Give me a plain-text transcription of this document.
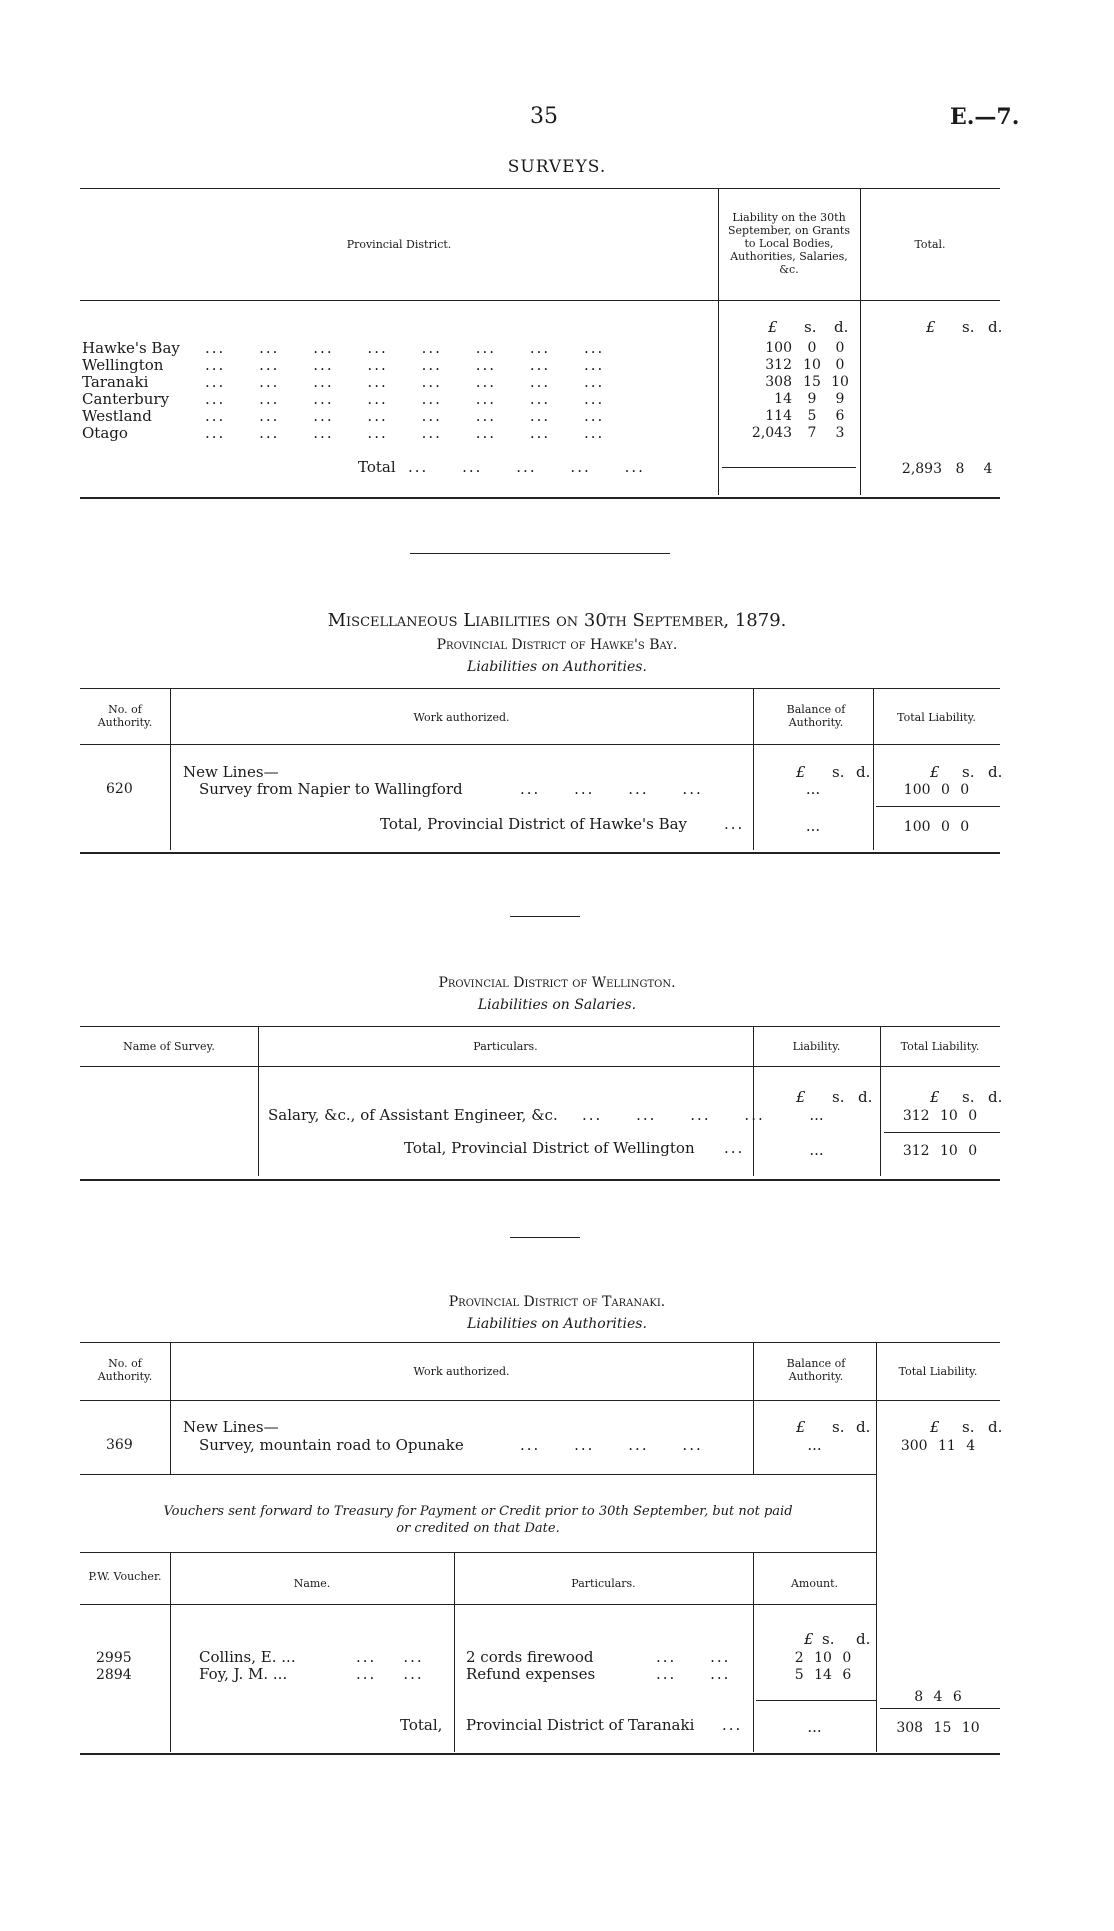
35	E.—7.
SURVEYS.
Provincial District.
Liability on the 30th September, on Grants to Local Bodies, Authorities, Salaries, &c.
Total.
£ s. d.	£ s. d.
Hawke's Bay ...     ...     ...     ...     ...     ...     ...     ...	100	0	0
Wellington	...     ...     ...     ...     ...     ...     ...     ...	312 10	0
Taranaki	...     ...     ...     ...     ...     ...     ...     ...	308 15 10
Canterbury ...     ...     ...     ...     ...     ...     ...     ...	14	9	9
Westland	...     ...     ...     ...     ...     ...     ...     ...	114	5	6
Otago	...     ...     ...     ...     ...     ...     ...     ...	2,043	7	3
Total ...     ...     ...     ...     ...	2,893 8	4
Miscellaneous Liabilities on 30th September, 1879.
Provincial District of Hawke's Bay.
Liabilities on Authorities.
No. of Authority.	Work authorized.
Balance of Authority.	Total Liability.
£ s. d.	£ s. d.
New Lines—
620	Survey from Napier to Wallingford	...     ...     ...     ...	...	100 0 0
Total, Provincial District of Hawke's Bay ...	...	100 0 0
Provincial District of Wellington.
Liabilities on Salaries.
Name of Survey.	Particulars.	Liability.	Total Liability.
£ s. d.	£ s. d.
Salary, &c., of Assistant Engineer, &c. ...     ...     ...     ...	...	312 10 0
Total, Provincial District of Wellington ...	...	312 10 0
Provincial District of Taranaki.
Liabilities on Authorities.
No. of Authority.	Work authorized.
Balance of Authority.	Total Liability.
£ s. d.	£ s. d.
New Lines—
369	Survey, mountain road to Opunake	...     ...     ...     ...	...	300 11 4
Vouchers sent forward to Treasury for Payment or Credit prior to 30th September, but not paid
or credited on that Date.
P.W. Voucher.
Name.	Particulars.	Amount.
£ s. d.
2995	Collins, E. ...	...    ...	2 cords firewood	...     ...	2 10 0
2894	Foy, J. M. ...	...    ...	Refund expenses	...     ...	5 14 6
8 4 6
Total, Provincial District of Taranaki ...	...	308 15 10
